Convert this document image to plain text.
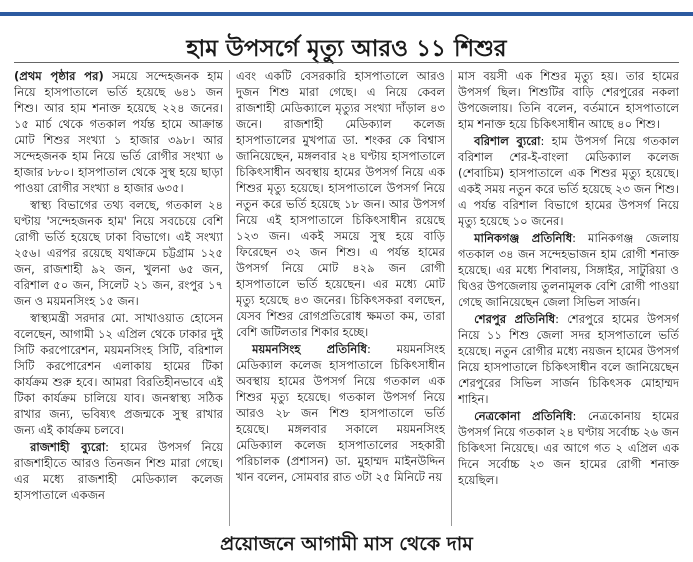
হাম উপসর্গে মৃত্যু আরও ১১ শিশুর

(প্রথম পৃষ্ঠার পর) সময়ে সন্দেহজনক হাম নিয়ে হাসপাতালে ভর্তি হয়েছে ৬৪১ জন শিশু। আর হাম শনাক্ত হয়েছে ২২৪ জনের। ১৫ মার্চ থেকে গতকাল পর্যন্ত হামে আক্রান্ত মোট শিশুর সংখ্যা ১ হাজার ৩৯৮। আর সন্দেহজনক হাম নিয়ে ভর্তি রোগীর সংখ্যা ৬ হাজার ৮৮০। হাসপাতাল থেকে সুস্থ হয়ে ছাড়া পাওয়া রোগীর সংখ্যা ৪ হাজার ৬৩৫।

স্বাস্থ্য বিভাগের তথ্য বলছে, গতকাল ২৪ ঘণ্টায় 'সন্দেহজনক হাম' নিয়ে সবচেয়ে বেশি রোগী ভর্তি হয়েছে ঢাকা বিভাগে। এই সংখ্যা ২৫৬। এরপর রয়েছে যথাক্রমে চট্টগ্রাম ১২৫ জন, রাজশাহী ৯২ জন, খুলনা ৬৫ জন, বরিশাল ৫০ জন, সিলেট ২১ জন, রংপুর ১৭ জন ও ময়মনসিংহ ১৫ জন।

স্বাস্থ্যমন্ত্রী সরদার মো. সাখাওয়াত হোসেন বলেছেন, আগামী ১২ এপ্রিল থেকে ঢাকার দুই সিটি করপোরেশন, ময়মনসিংহ সিটি, বরিশাল সিটি করপোরেশন এলাকায় হামের টিকা কার্যক্রম শুরু হবে। আমরা বিরতিহীনভাবে এই টিকা কার্যক্রম চালিয়ে যাব। জনস্বাস্থ্য সঠিক রাখার জন্য, ভবিষ্যৎ প্রজন্মকে সুস্থ রাখার জন্য এই কার্যক্রম চলবে।

রাজশাহী ব্যুরো: হামের উপসর্গ নিয়ে রাজশাহীতে আরও তিনজন শিশু মারা গেছে। এর মধ্যে রাজশাহী মেডিক্যাল কলেজ হাসপাতালে একজন

এবং একটি বেসরকারি হাসপাতালে আরও দুজন শিশু মারা গেছে। এ নিয়ে কেবল রাজশাহী মেডিক্যালে মৃত্যুর সংখ্যা দাঁড়াল ৪৩ জনে। রাজশাহী মেডিক্যাল কলেজ হাসপাতালের মুখপাত্র ডা. শংকর কে বিশ্বাস জানিয়েছেন, মঙ্গলবার ২৪ ঘণ্টায় হাসপাতালে চিকিৎসাধীন অবস্থায় হামের উপসর্গ নিয়ে এক শিশুর মৃত্যু হয়েছে। হাসপাতালে উপসর্গ নিয়ে নতুন করে ভর্তি হয়েছে ১৮ জন। আর উপসর্গ নিয়ে এই হাসপাতালে চিকিৎসাধীন রয়েছে ১২৩ জন। একই সময়ে সুস্থ হয়ে বাড়ি ফিরেছেন ৩২ জন শিশু। এ পর্যন্ত হামের উপসর্গ নিয়ে মোট ৪২৯ জন রোগী হাসপাতালে ভর্তি হয়েছেন। এর মধ্যে মোট মৃত্যু হয়েছে ৪৩ জনের। চিকিৎসকরা বলছেন, যেসব শিশুর রোগপ্রতিরোধ ক্ষমতা কম, তারা বেশি জটিলতার শিকার হচ্ছে।

ময়মনসিংহ প্রতিনিধি: ময়মনসিংহ মেডিক্যাল কলেজ হাসপাতালে চিকিৎসাধীন অবস্থায় হামের উপসর্গ নিয়ে গতকাল এক শিশুর মৃত্যু হয়েছে। গতকাল উপসর্গ নিয়ে আরও ২৮ জন শিশু হাসপাতালে ভর্তি হয়েছে। মঙ্গলবার সকালে ময়মনসিংহ মেডিক্যাল কলেজ হাসপাতালের সহকারী পরিচালক (প্রশাসন) ডা. মুহাম্মদ মাইনউদ্দিন খান বলেন, সোমবার রাত ৩টা ২৫ মিনিটে নয়

মাস বয়সী এক শিশুর মৃত্যু হয়। তার হামের উপসর্গ ছিল। শিশুটির বাড়ি শেরপুরের নকলা উপজেলায়। তিনি বলেন, বর্তমানে হাসপাতালে হাম শনাক্ত হয়ে চিকিৎসাধীন আছে ৪০ শিশু।

বরিশাল ব্যুরো: হাম উপসর্গ নিয়ে গতকাল বরিশাল শের-ই-বাংলা মেডিক্যাল কলেজ (শেবাচিম) হাসপাতালে এক শিশুর মৃত্যু হয়েছে। একই সময় নতুন করে ভর্তি হয়েছে ২৩ জন শিশু। এ পর্যন্ত বরিশাল বিভাগে হামের উপসর্গ নিয়ে মৃত্যু হয়েছে ১০ জনের।

মানিকগঞ্জ প্রতিনিধি: মানিকগঞ্জ জেলায় গতকাল ৩৪ জন সন্দেহভাজন হাম রোগী শনাক্ত হয়েছে। এর মধ্যে শিবালয়, সিঙ্গাইর, সাটুরিয়া ও ঘিওর উপজেলায় তুলনামূলক বেশি রোগী পাওয়া গেছে জানিয়েছেন জেলা সিভিল সার্জন।

শেরপুর প্রতিনিধি: শেরপুরে হামের উপসর্গ নিয়ে ১১ শিশু জেলা সদর হাসপাতালে ভর্তি হয়েছে। নতুন রোগীর মধ্যে নয়জন হামের উপসর্গ নিয়ে হাসপাতালে চিকিৎসাধীন বলে জানিয়েছেন শেরপুরের সিভিল সার্জন চিকিৎসক মোহাম্মদ শাহিন।

নেত্রকোনা প্রতিনিধি: নেত্রকোনায় হামের উপসর্গ নিয়ে গতকাল ২৪ ঘণ্টায় সর্বোচ্চ ২৬ জন চিকিৎসা নিয়েছে। এর আগে গত ২ এপ্রিল এক দিনে সর্বোচ্চ ২৩ জন হামের রোগী শনাক্ত হয়েছিল।

প্রয়োজনে আগামী মাস থেকে দাম
